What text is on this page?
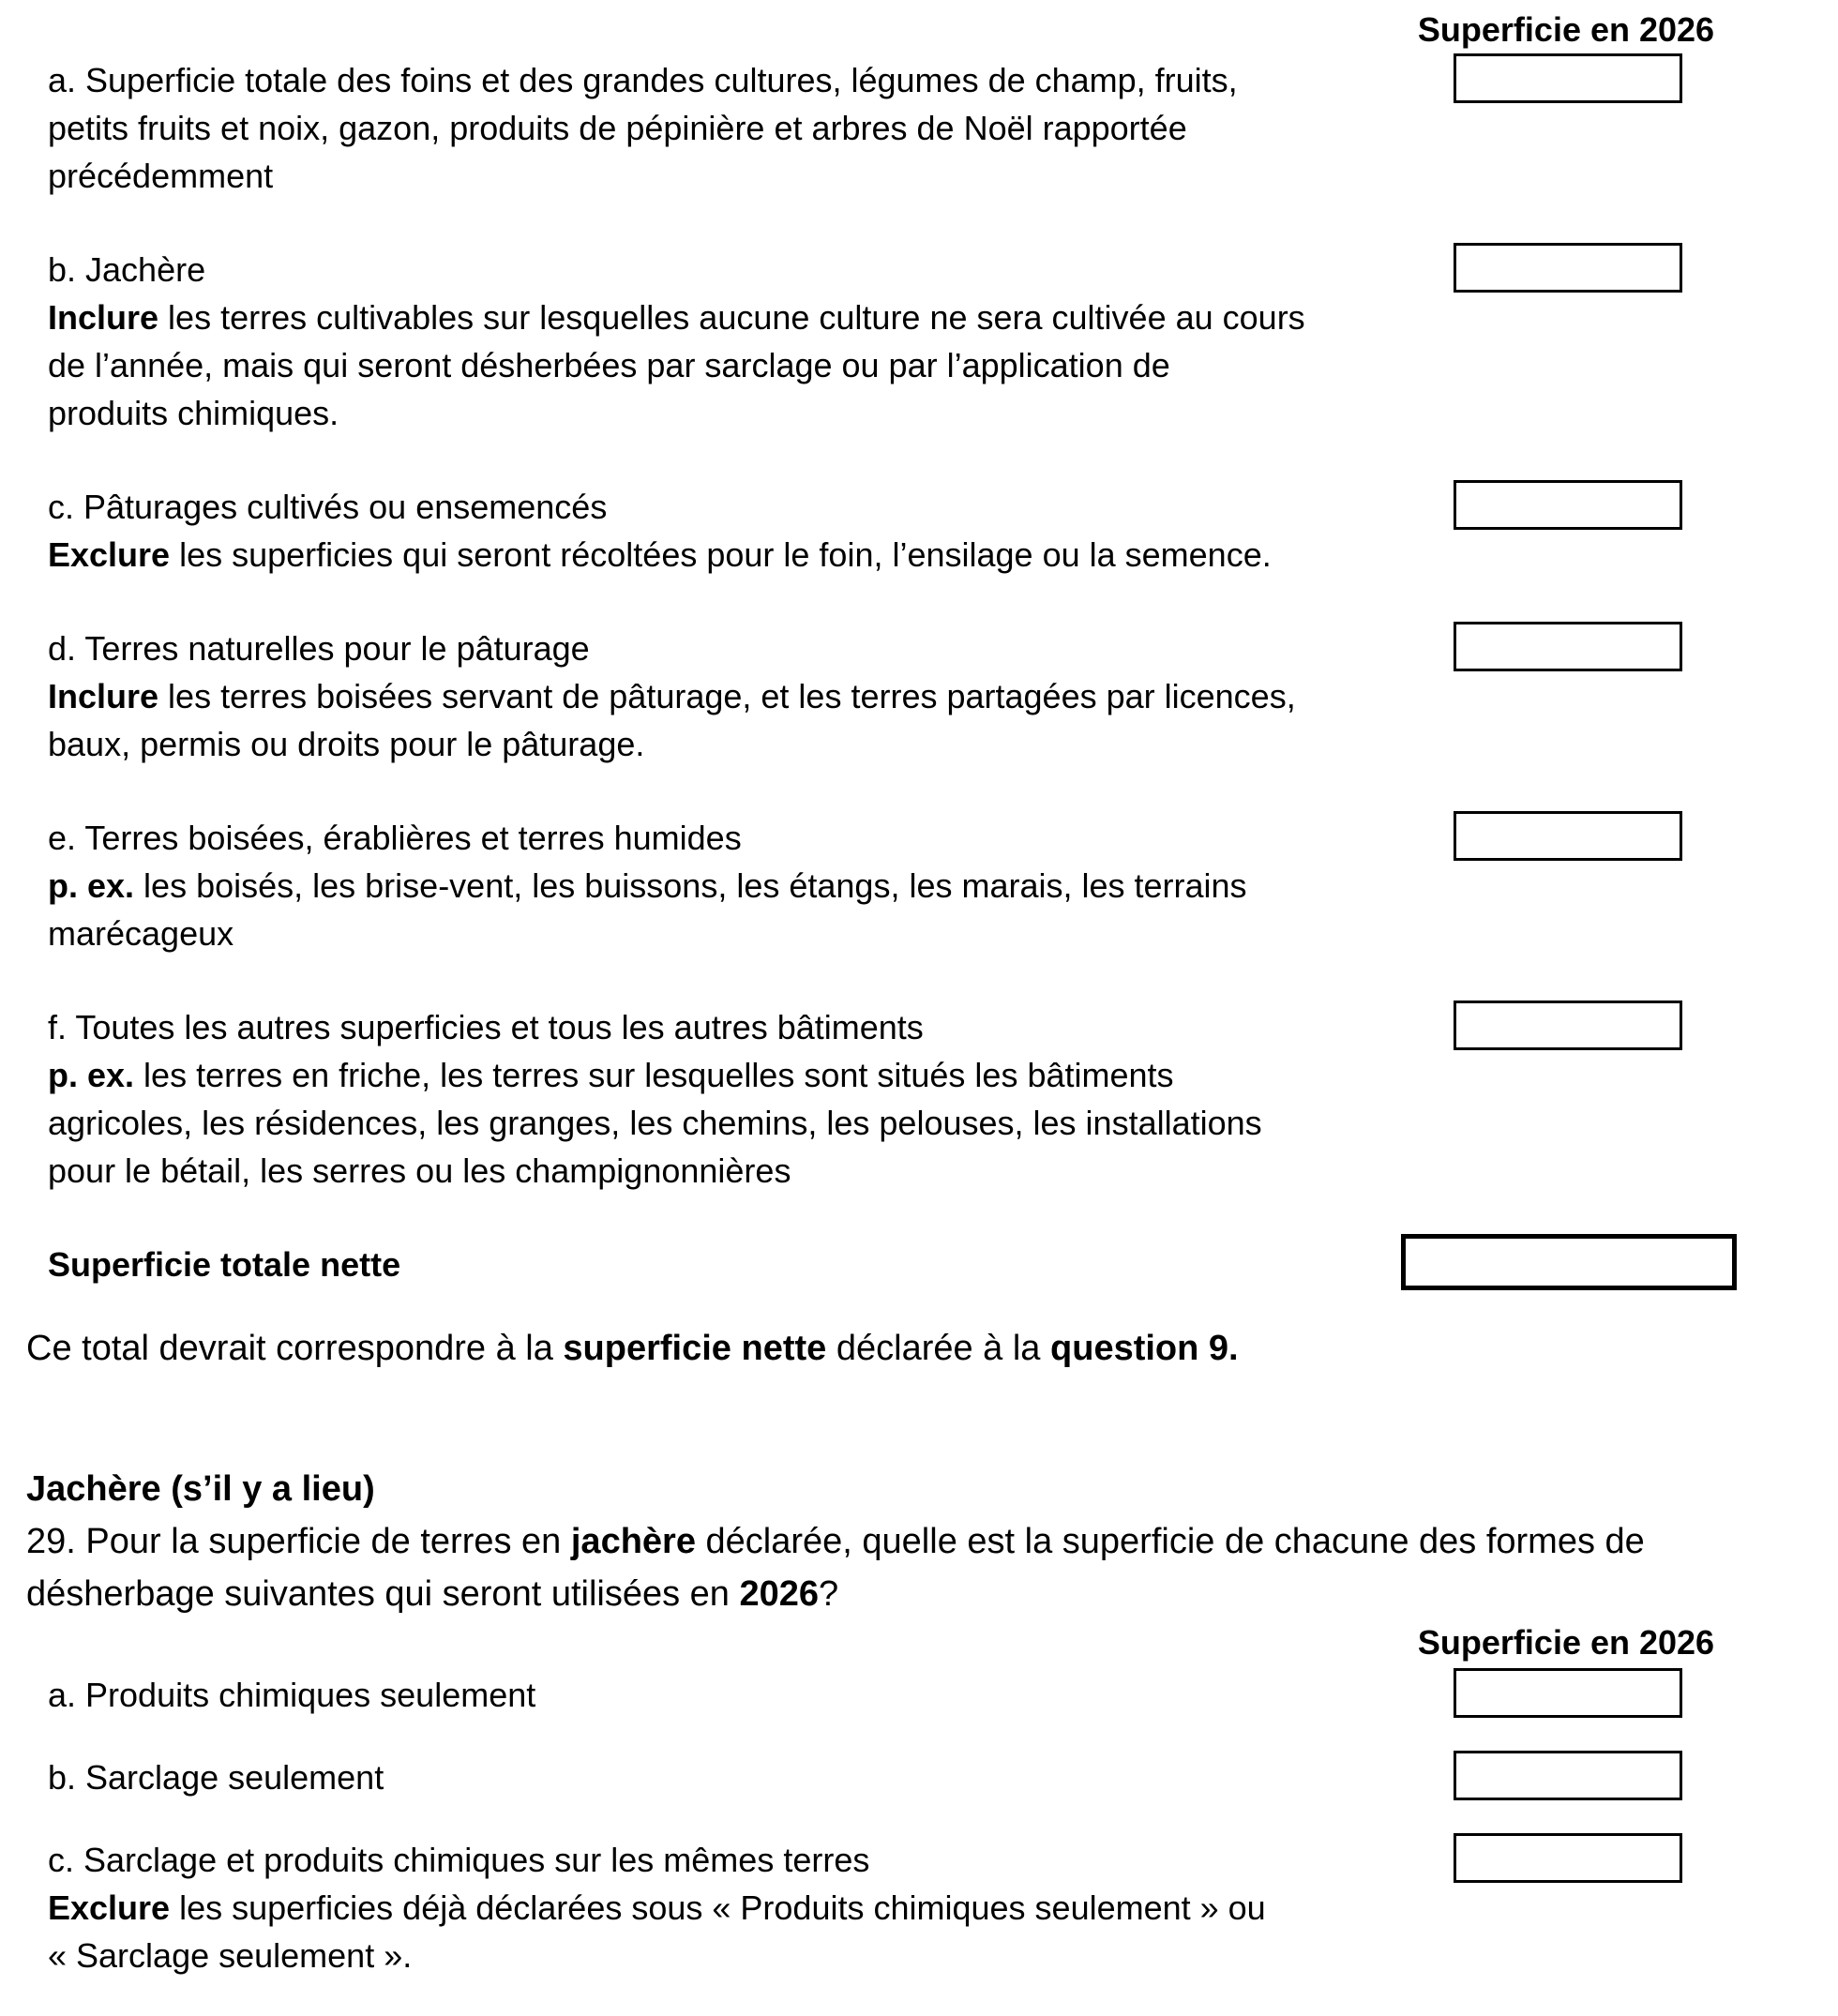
Superficie en 2026

a. Superficie totale des foins et des grandes cultures, légumes de champ, fruits,

petits fruits et noix, gazon, produits de pépinière et arbres de Noël rapportée

précédemment

b. Jachère

Inclure les terres cultivables sur lesquelles aucune culture ne sera cultivée au cours

de l’année, mais qui seront désherbées par sarclage ou par l’application de

produits chimiques.

c. Pâturages cultivés ou ensemencés

Exclure les superficies qui seront récoltées pour le foin, l’ensilage ou la semence.

d. Terres naturelles pour le pâturage

Inclure les terres boisées servant de pâturage, et les terres partagées par licences,

baux, permis ou droits pour le pâturage.

e. Terres boisées, érablières et terres humides

p. ex. les boisés, les brise-vent, les buissons, les étangs, les marais, les terrains

marécageux

f. Toutes les autres superficies et tous les autres bâtiments

p. ex. les terres en friche, les terres sur lesquelles sont situés les bâtiments

agricoles, les résidences, les granges, les chemins, les pelouses, les installations

pour le bétail, les serres ou les champignonnières

Superficie totale nette
Ce total devrait correspondre à la superficie nette déclarée à la question 9.
Jachère (s’il y a lieu)
29. Pour la superficie de terres en jachère déclarée, quelle est la superficie de chacune des formes de
désherbage suivantes qui seront utilisées en 2026?
Superficie en 2026

a. Produits chimiques seulement

b. Sarclage seulement

c. Sarclage et produits chimiques sur les mêmes terres

Exclure les superficies déjà déclarées sous « Produits chimiques seulement » ou

« Sarclage seulement ».
